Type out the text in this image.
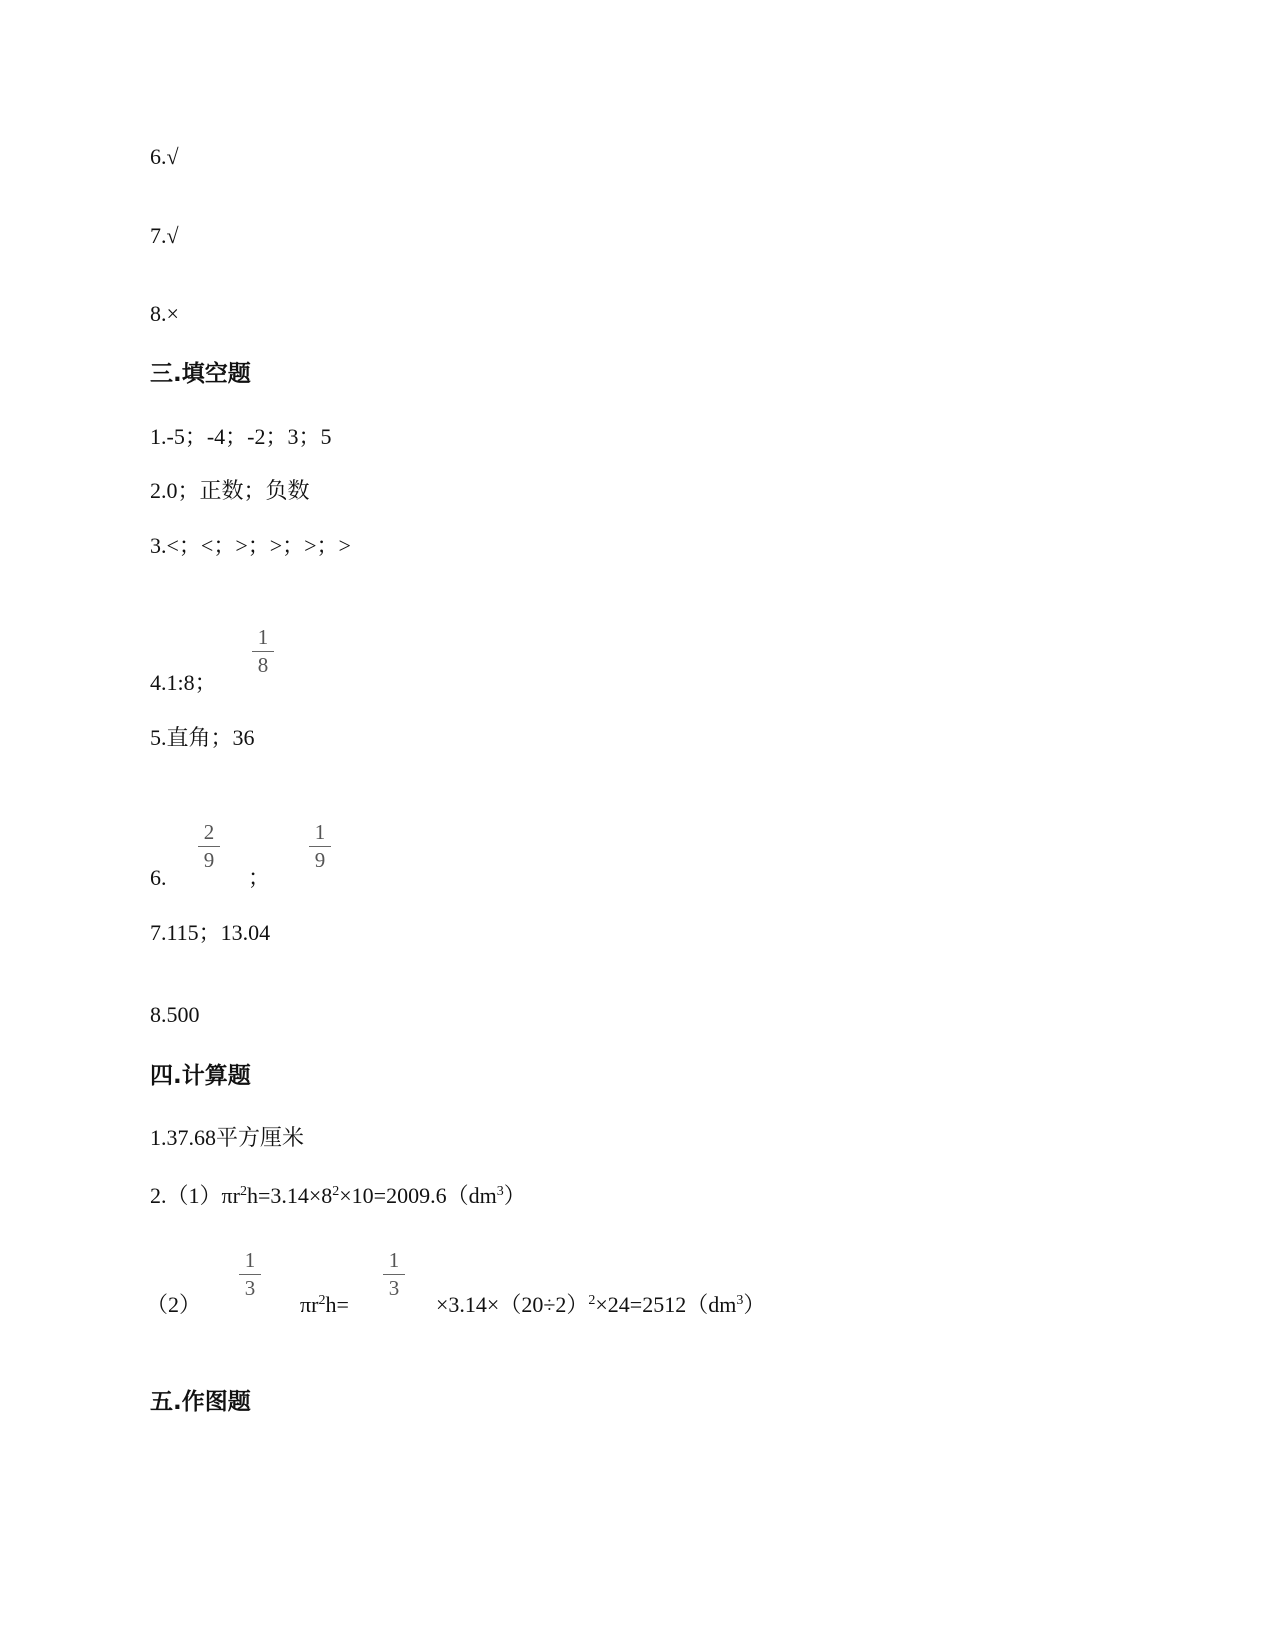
6.√
7.√
8.×
三.填空题
1.-5；-4；-2；3；5
2.0；正数；负数
3.<；<；>；>；>；>
4.1:8；
1
8
5.直角；36
6.
2
9
；
1
9
7.115；13.04
8.500
四.计算题
1.37.68平方厘米
$2.(1)\pi r^2h=3.14\times 8^2\times 10=2009.6(dm^3)$
（2）
1
3
$\pi r^2h=$
1
3
$\times 3.14\times(20\div 2)^2\times 24=2512(dm^3)$
五.作图题
